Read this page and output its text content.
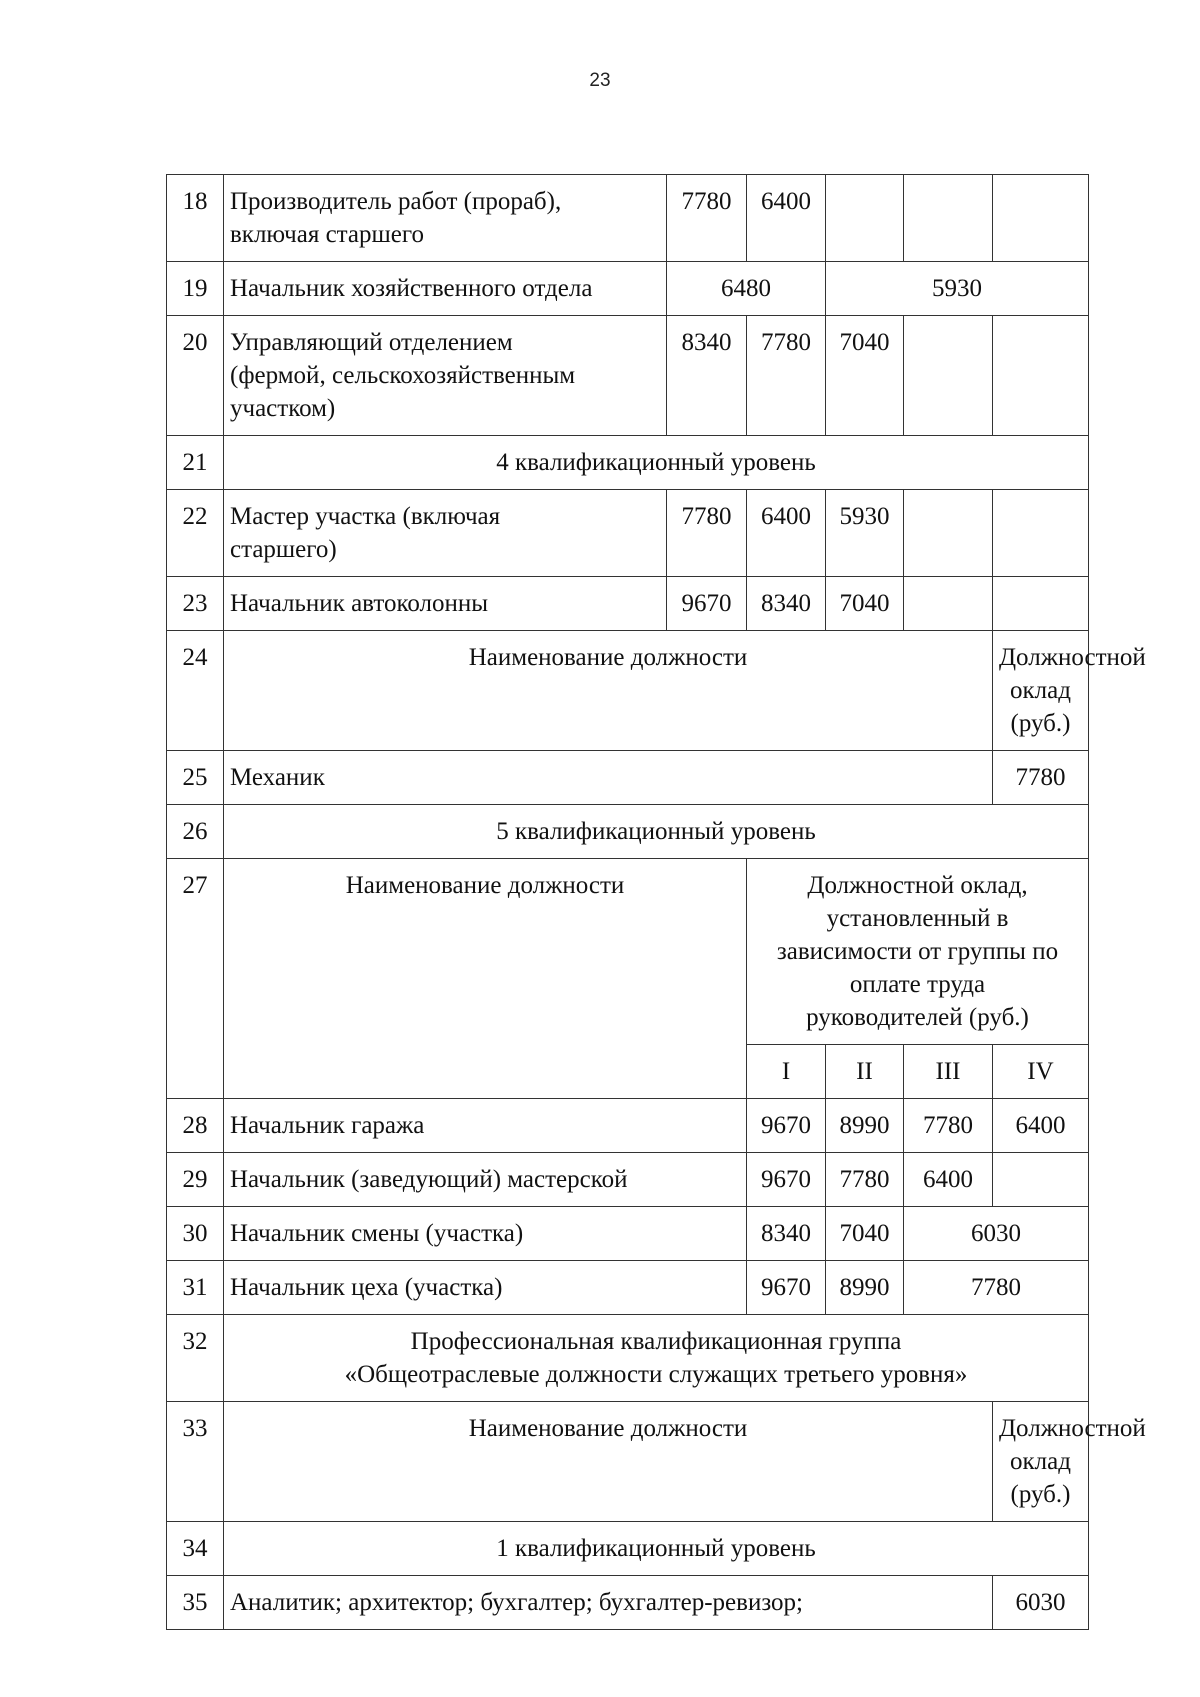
23
18	Производитель работ (прораб),
включая старшего	7780	6400			
19	Начальник хозяйственного отдела	6480		5930		
20	Управляющий отделением
(фермой, сельскохозяйственным
участком)	8340	7780	7040		
21	4 квалификационный уровень					
22	Мастер участка (включая
старшего)	7780	6400	5930		
23	Начальник автоколонны	9670	8340	7040		
24	Наименование должности					Должностной
оклад (руб.)
25	Механик					7780
26	5 квалификационный уровень					
27	Наименование должности		Должностной оклад,
установленный в
зависимости от группы по
оплате труда
руководителей (руб.)			
			I	II	III	IV
28	Начальник гаража		9670	8990	7780	6400
29	Начальник (заведующий) мастерской		9670	7780	6400	
30	Начальник смены (участка)		8340	7040	6030	
31	Начальник цеха (участка)		9670	8990	7780	
32	Профессиональная квалификационная группа
«Общеотраслевые должности служащих третьего уровня»					
33	Наименование должности					Должностной
оклад (руб.)
34	1 квалификационный уровень					
35	Аналитик; архитектор; бухгалтер; бухгалтер-ревизор;					6030
